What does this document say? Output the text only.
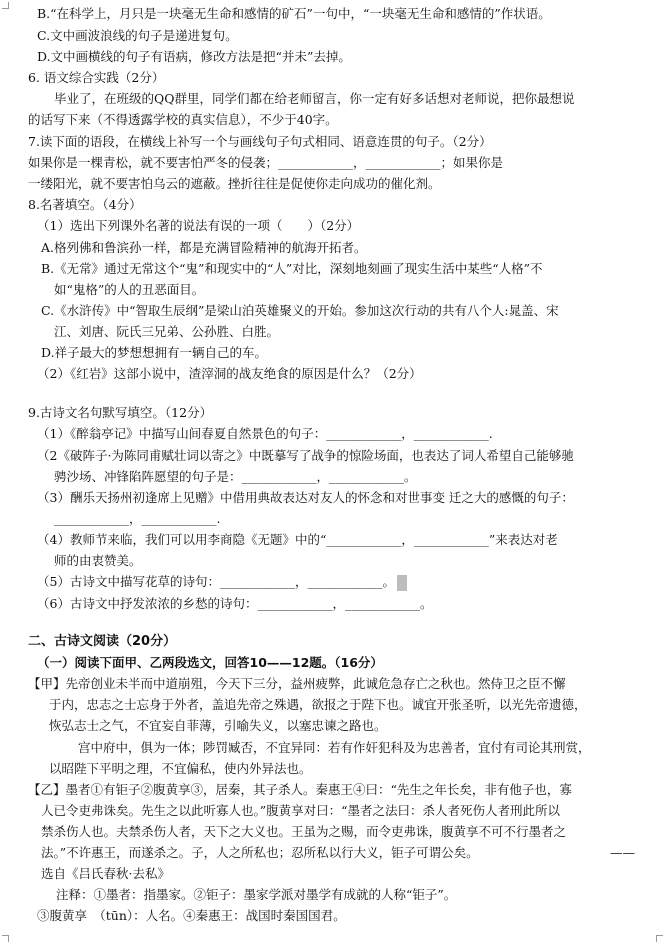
B.“在科学上，月只是一块毫无生命和感情的矿石”一句中，“一块毫无生命和感情的”作状语。
C.文中画波浪线的句子是递进复句。
D.文中画横线的句子有语病，修改方法是把“并未”去掉。
6. 语文综合实践（2分）
毕业了，在班级的QQ群里，同学们都在给老师留言，你一定有好多话想对老师说，把你最想说
的话写下来（不得透露学校的真实信息），不少于40字。
7.读下面的语段，在横线上补写一个与画线句子句式相同、语意连贯的句子。（2分）
如果你是一棵青松，就不要害怕严冬的侵袭；____________，____________；如果你是
一缕阳光，就不要害怕乌云的遮蔽。挫折往往是促使你走向成功的催化剂。
8.名著填空。（4分）
（1）选出下列课外名著的说法有误的一项（　　）（2分）
A.格列佛和鲁滨孙一样，都是充满冒险精神的航海开拓者。
B.《无常》通过无常这个“鬼”和现实中的“人”对比，深刻地刻画了现实生活中某些“人格”不
如“鬼格”的人的丑恶面目。
C.《水浒传》中“智取生辰纲”是梁山泊英雄聚义的开始。参加这次行动的共有八个人:晁盖、宋
江、刘唐、阮氏三兄弟、公孙胜、白胜。
D.祥子最大的梦想想拥有一辆自己的车。
（2）《红岩》这部小说中，渣滓洞的战友绝食的原因是什么？（2分）
9.古诗文名句默写填空。（12分）
（1）《醉翁亭记》中描写山间春夏自然景色的句子：____________，____________.
（2《破阵子·为陈同甫赋壮词以寄之》中既摹写了战争的惊险场面，也表达了词人希望自己能够驰
骋沙场、冲锋陷阵愿望的句子是：____________，____________。
（3）酬乐天扬州初逢席上见赠》中借用典故表达对友人的怀念和对世事变 迁之大的感慨的句子：
____________，____________.
（4）教师节来临，我们可以用李商隐《无题》中的“____________，____________”来表达对老
师的由衷赞美。
（5）古诗文中描写花草的诗句：____________，____________。
（6）古诗文中抒发浓浓的乡愁的诗句：____________，____________。
二、古诗文阅读（20分）
（一）阅读下面甲、乙两段选文，回答10——12题。（16分）
【甲】先帝创业未半而中道崩殂，今天下三分，益州疲弊，此诚危急存亡之秋也。然侍卫之臣不懈
于内，忠志之士忘身于外者，盖追先帝之殊遇，欲报之于陛下也。诚宜开张圣听，以光先帝遗德，
恢弘志士之气，不宜妄自菲薄，引喻失义，以塞忠谏之路也。
宫中府中，俱为一体；陟罚臧否，不宜异同：若有作奸犯科及为忠善者，宜付有司论其刑赏，
以昭陛下平明之理，不宜偏私，使内外异法也。
【乙】墨者①有钜子②腹黄享③，居秦，其子杀人。秦惠王④曰：“先生之年长矣，非有他子也，寡
人已令吏弗诛矣。先生之以此听寡人也。”腹黄享对曰：“墨者之法曰：杀人者死伤人者刑此所以
禁杀伤人也。夫禁杀伤人者，天下之大义也。王虽为之赐，而令吏弗诛，腹黄享不可不行墨者之
法。”不许惠王，而遂杀之。子，人之所私也；忍所私以行大义，钜子可谓公矣。	——
选自《吕氏春秋·去私》
注释：①墨者：指墨家。②钜子：墨家学派对墨学有成就的人称“钜子”。
③腹黄享　（tūn）：人名。④秦惠王：战国时秦国国君。
